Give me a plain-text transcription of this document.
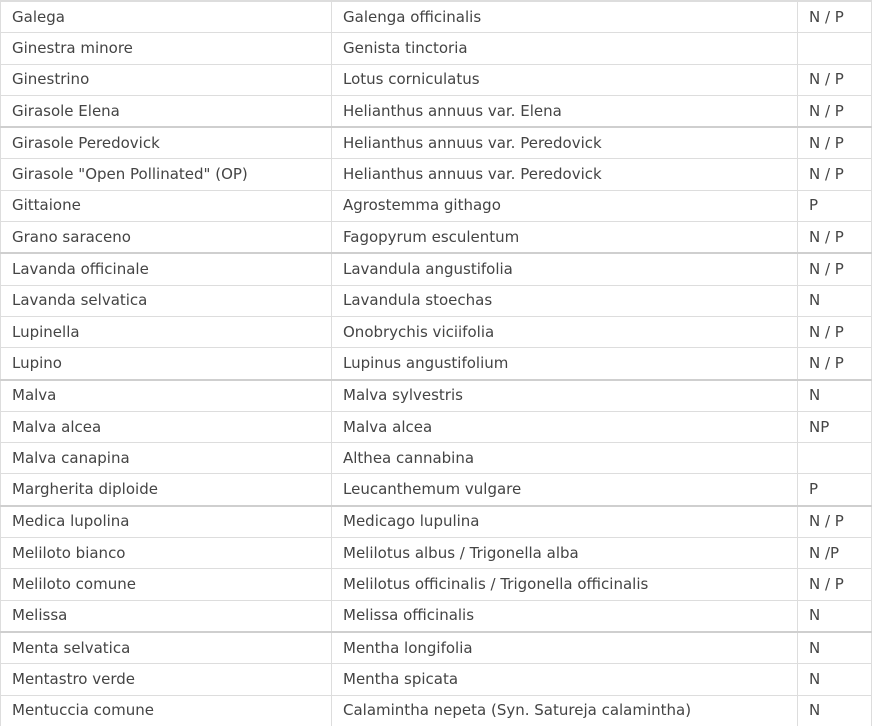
Galega	Galenga officinalis	N / P
Ginestra minore	Genista tinctoria	
Ginestrino	Lotus corniculatus	N / P
Girasole Elena	Helianthus annuus var. Elena	N / P
Girasole Peredovick	Helianthus annuus var. Peredovick	N / P
Girasole "Open Pollinated" (OP)	Helianthus annuus var. Peredovick	N / P
Gittaione	Agrostemma githago	P
Grano saraceno	Fagopyrum esculentum	N / P
Lavanda officinale	Lavandula angustifolia	N / P
Lavanda selvatica	Lavandula stoechas	N
Lupinella	Onobrychis viciifolia	N / P
Lupino	Lupinus angustifolium	N / P
Malva	Malva sylvestris	N
Malva alcea	Malva alcea	NP
Malva canapina	Althea cannabina	
Margherita diploide	Leucanthemum vulgare	P
Medica lupolina	Medicago lupulina	N / P
Meliloto bianco	Melilotus albus / Trigonella alba	N /P
Meliloto comune	Melilotus officinalis / Trigonella officinalis	N / P
Melissa	Melissa officinalis	N
Menta selvatica	Mentha longifolia	N
Mentastro verde	Mentha spicata	N
Mentuccia comune	Calamintha nepeta (Syn. Satureja calamintha)	N
